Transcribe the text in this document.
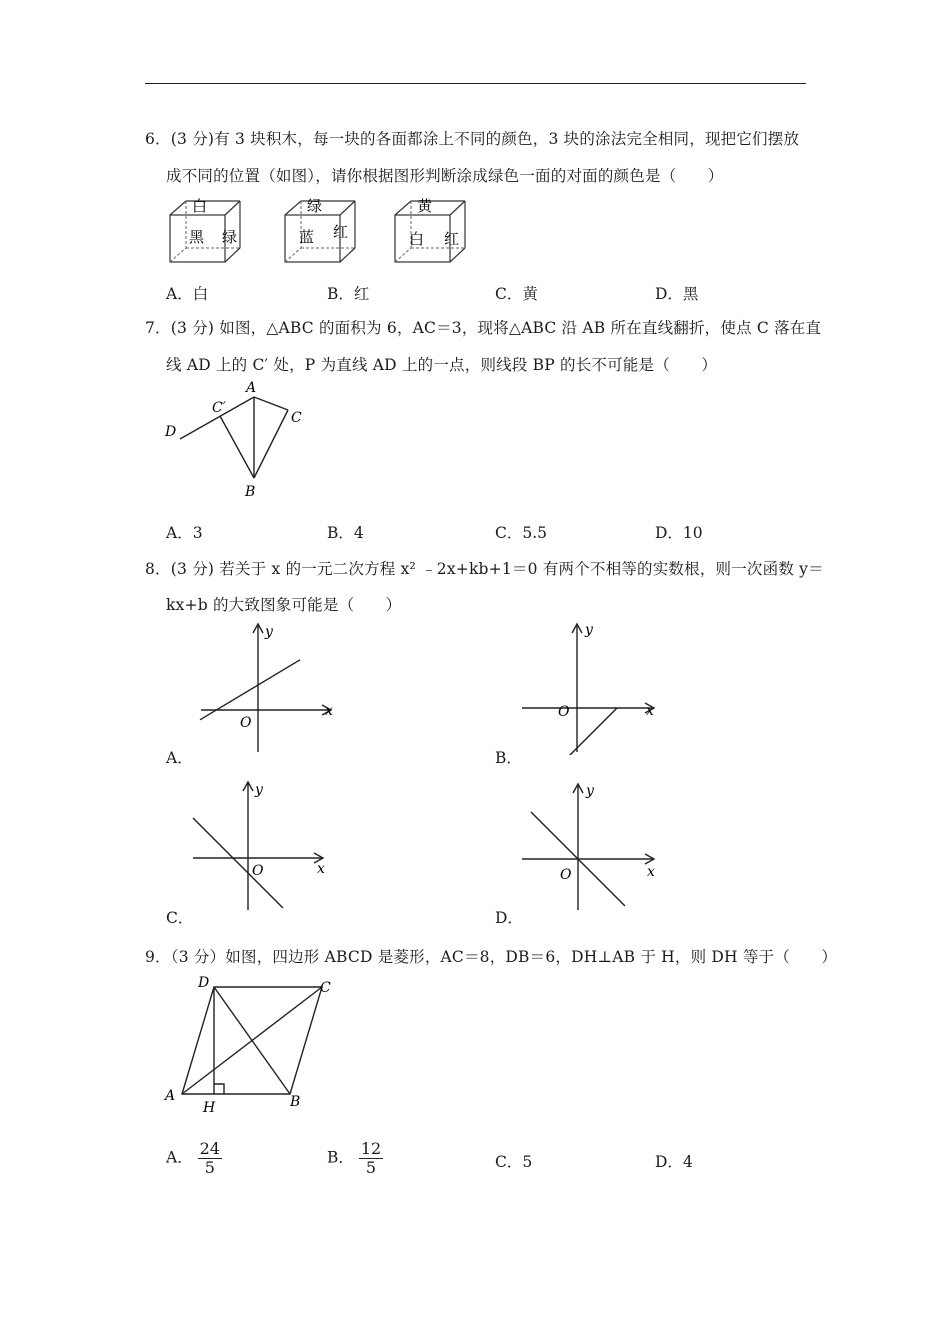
6．(3 分)有 3 块积木，每一块的各面都涂上不同的颜色，3 块的涂法完全相同，现把它们摆放
成不同的位置（如图），请你根据图形判断涂成绿色一面的对面的颜色是（　　）
白
黑 绿
绿
蓝 红
黄
白 红
A．白	B．红	C．黄	D．黑
7．(3 分) 如图，△ABC 的面积为 6，AC＝3，现将△ABC 沿 AB 所在直线翻折，使点 C 落在直
线 AD 上的 C′ 处，P 为直线 AD 上的一点，则线段 BP 的长不可能是（　　）
D
C′
A
C
B
A．3	B．4	C．5.5	D．10
8．(3 分) 若关于 x 的一元二次方程 x² ﹣2x+kb+1＝0 有两个不相等的实数根，则一次函数 y＝
kx+b 的大致图象可能是（　　）
O
x
y
A．
O	x
y
B．
O	x
y
C．
O	x
y
D．
9．（3 分）如图，四边形 ABCD 是菱形，AC＝8，DB＝6，DH⊥AB 于 H，则 DH 等于（　　）
D	C
A
H	B
A． $\frac{24}{5}$	B． $\frac{12}{5}$	C．5	D．4
